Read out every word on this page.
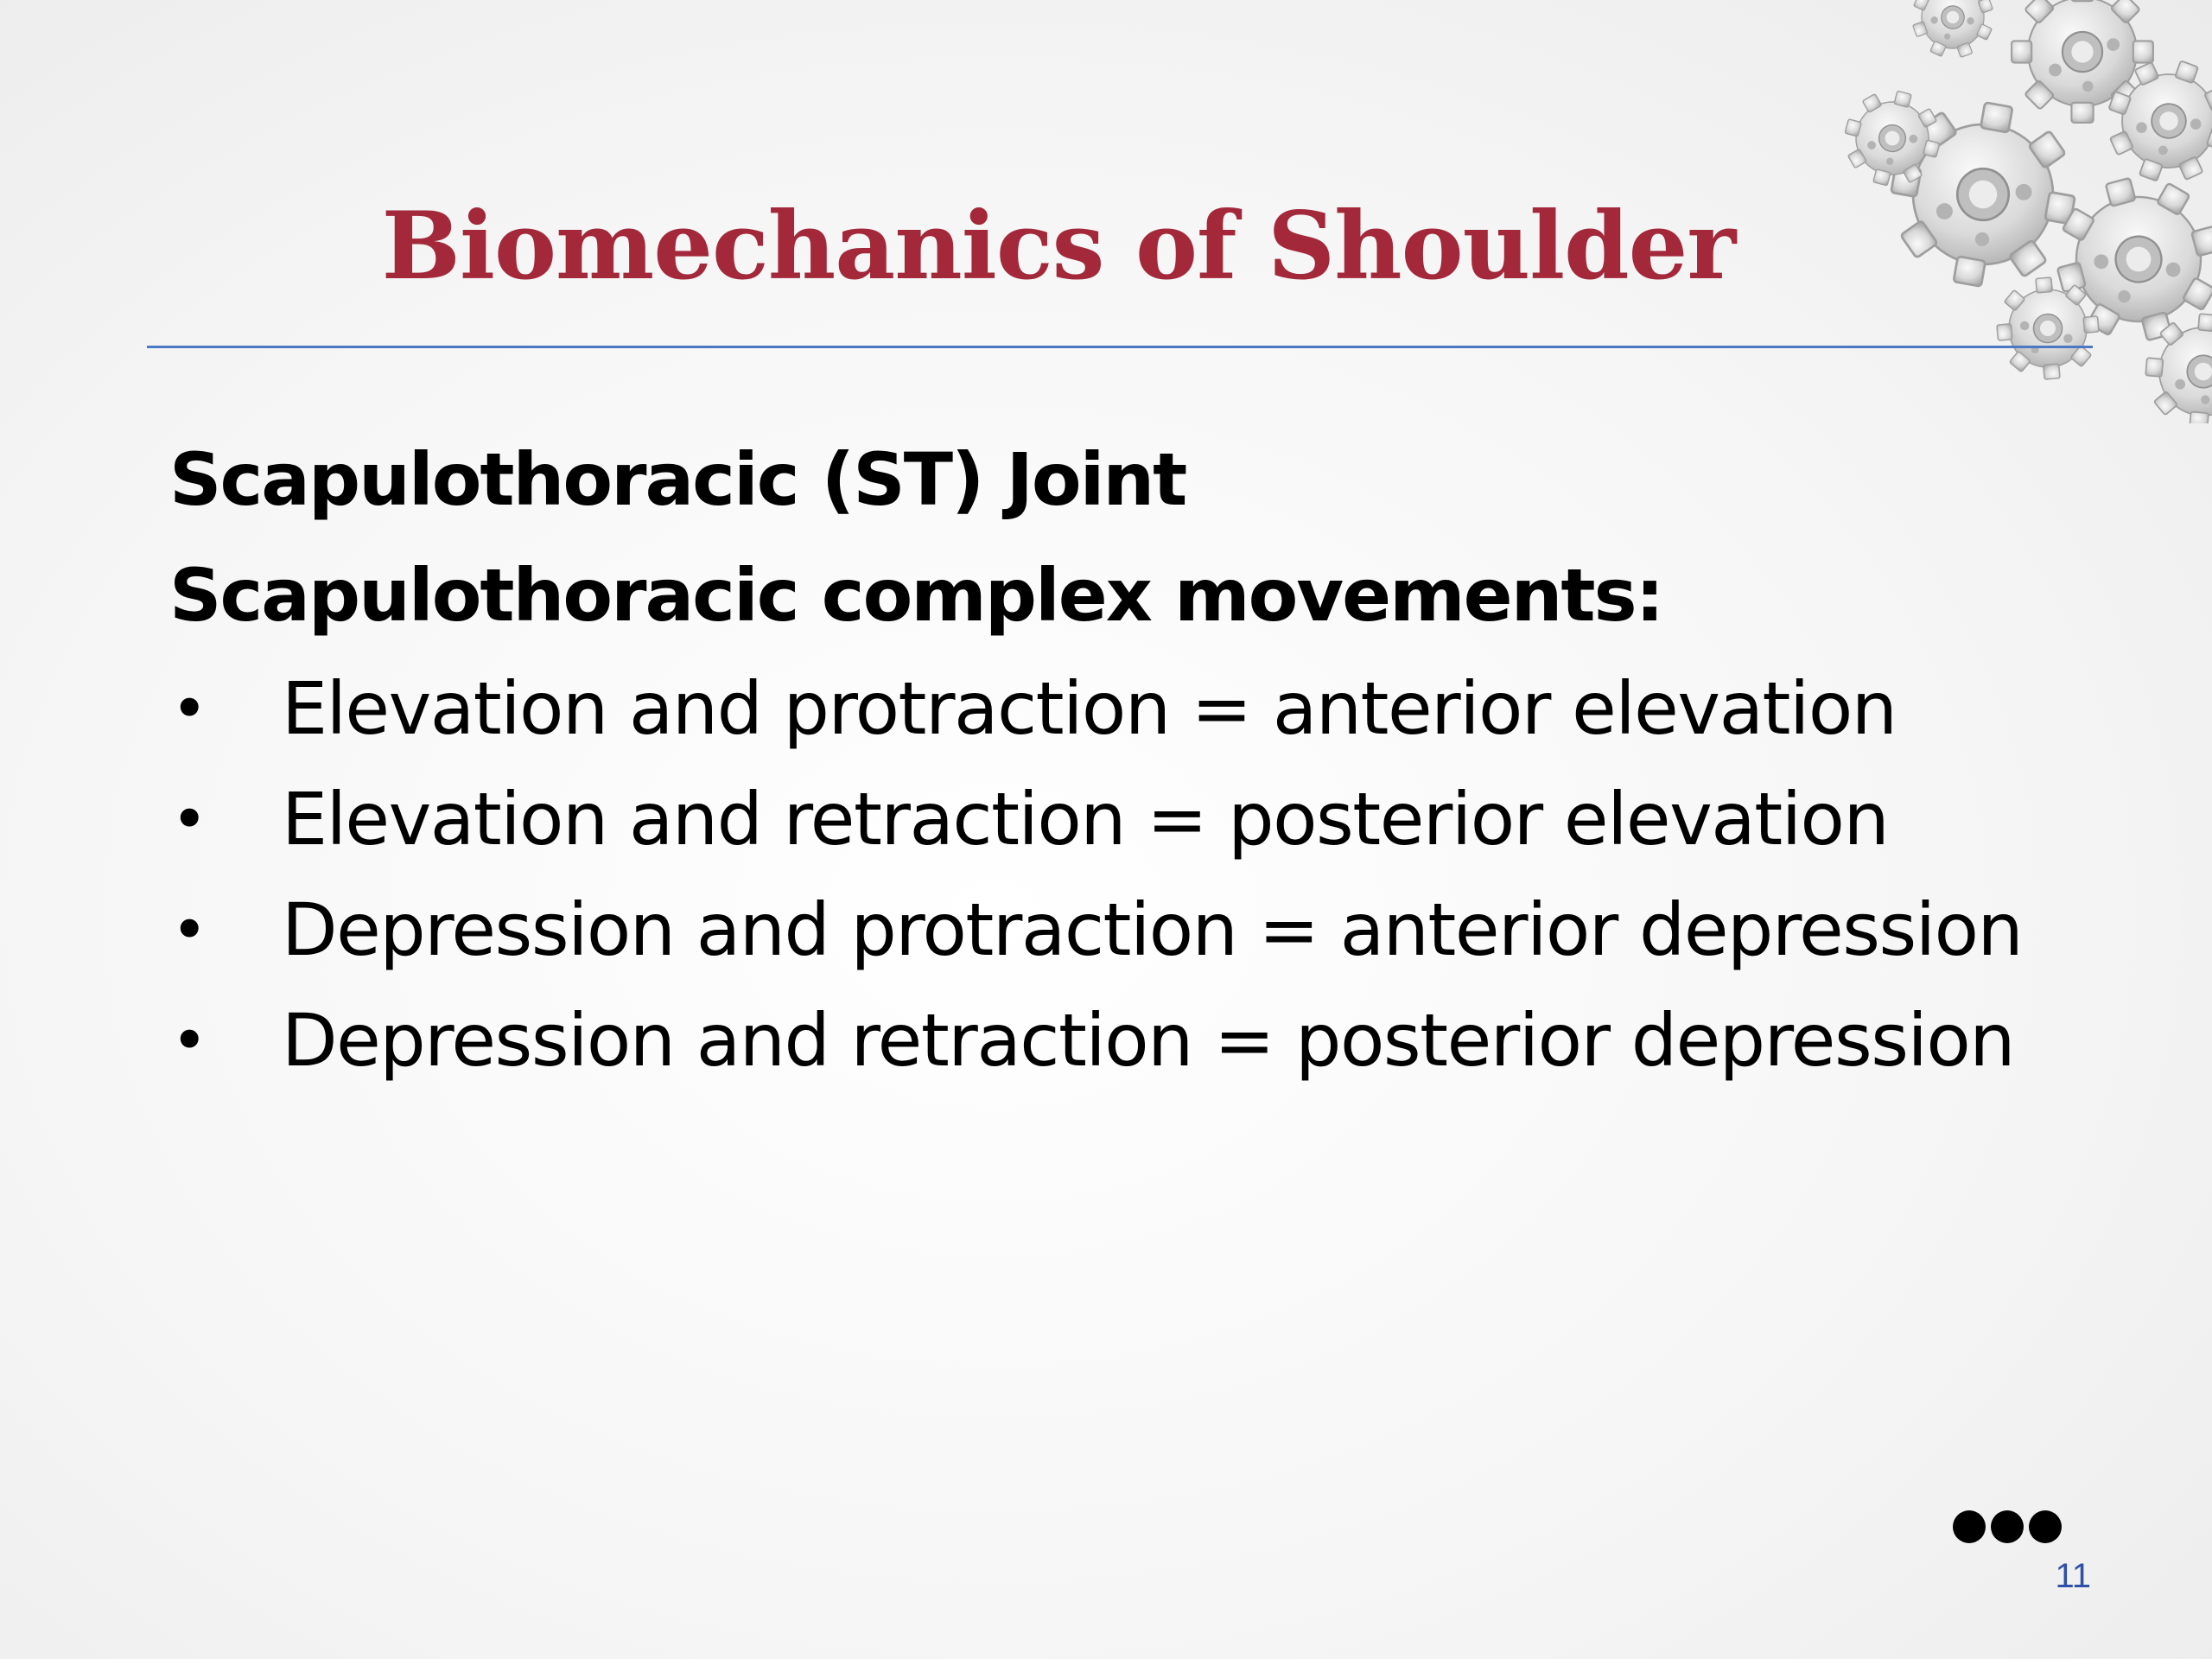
Biomechanics of Shoulder
Scapulothoracic (ST) Joint
Scapulothoracic complex movements:
• Elevation and protraction = anterior elevation
• Elevation and retraction = posterior elevation
• Depression and protraction = anterior depression
• Depression and retraction = posterior depression
11
